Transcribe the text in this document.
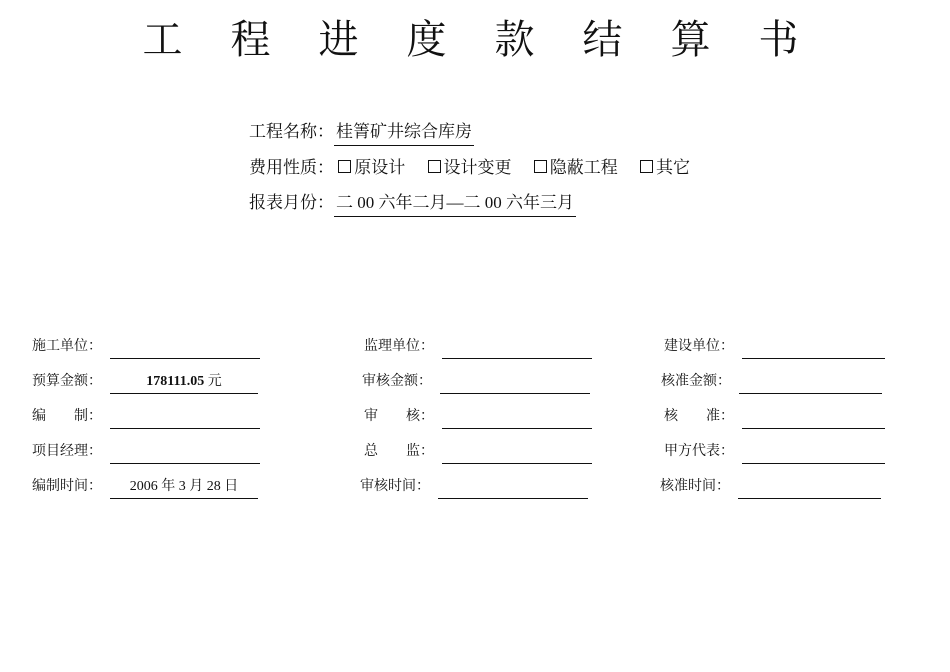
工 程 进 度 款 结 算 书
工程名称： 桂箐矿井综合库房
费用性质： 原设计 设计变更 隐蔽工程 其它
报表月份： 二 00 六年二月—二 00 六年三月
施工单位：
预算金额：	178111.05 元
编　　制：
项目经理：
编制时间：	2006 年 3 月 28 日
监理单位：
审核金额：
审　　核：
总　　监：
审核时间：
建设单位：
核准金额：
核　　准：
甲方代表：
核准时间：
